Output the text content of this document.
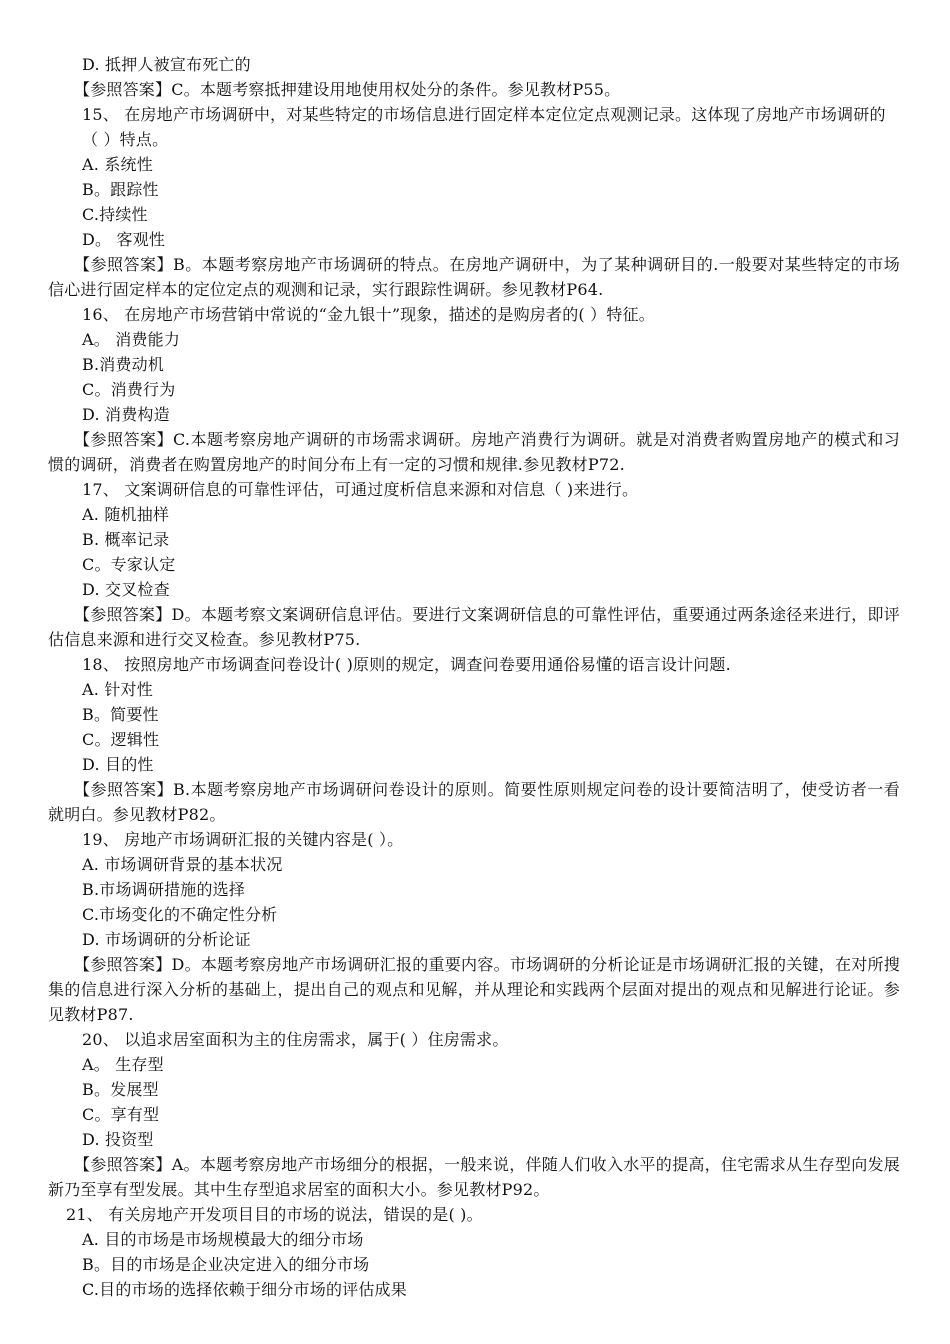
D. 抵押人被宣布死亡的
【参照答案】C。本题考察抵押建设用地使用权处分的条件。参见教材P55。
15、 在房地产市场调研中，对某些特定的市场信息进行固定样本定位定点观测记录。这体现了房地产市场调研的（ ）特点。
A. 系统性
B。跟踪性
C.持续性
D。 客观性
【参照答案】B。本题考察房地产市场调研的特点。在房地产调研中，为了某种调研目的.一般要对某些特定的市场信心进行固定样本的定位定点的观测和记录，实行跟踪性调研。参见教材P64.
16、 在房地产市场营销中常说的“金九银十”现象，描述的是购房者的( ）特征。
A。 消费能力
B.消费动机
C。消费行为
D. 消费构造
【参照答案】C.本题考察房地产调研的市场需求调研。房地产消费行为调研。就是对消费者购置房地产的模式和习惯的调研，消费者在购置房地产的时间分布上有一定的习惯和规律.参见教材P72.
17、 文案调研信息的可靠性评估，可通过度析信息来源和对信息（ )来进行。
A. 随机抽样
B. 概率记录
C。专家认定
D. 交叉检查
【参照答案】D。本题考察文案调研信息评估。要进行文案调研信息的可靠性评估，重要通过两条途径来进行，即评估信息来源和进行交叉检查。参见教材P75.
18、 按照房地产市场调查问卷设计( )原则的规定，调查问卷要用通俗易懂的语言设计问题.
A. 针对性
B。简要性
C。逻辑性
D. 目的性
【参照答案】B.本题考察房地产市场调研问卷设计的原则。简要性原则规定问卷的设计要简洁明了，使受访者一看就明白。参见教材P82。
19、 房地产市场调研汇报的关键内容是( ）。
A. 市场调研背景的基本状况
B.市场调研措施的选择
C.市场变化的不确定性分析
D. 市场调研的分析论证
【参照答案】D。本题考察房地产市场调研汇报的重要内容。市场调研的分析论证是市场调研汇报的关键，在对所搜集的信息进行深入分析的基础上，提出自己的观点和见解，并从理论和实践两个层面对提出的观点和见解进行论证。参见教材P87.
20、 以追求居室面积为主的住房需求，属于( ）住房需求。
A。 生存型
B。发展型
C。享有型
D. 投资型
【参照答案】A。本题考察房地产市场细分的根据，一般来说，伴随人们收入水平的提高，住宅需求从生存型向发展新乃至享有型发展。其中生存型追求居室的面积大小。参见教材P92。
21、 有关房地产开发项目目的市场的说法，错误的是( )。
A. 目的市场是市场规模最大的细分市场
B。目的市场是企业决定进入的细分市场
C.目的市场的选择依赖于细分市场的评估成果
